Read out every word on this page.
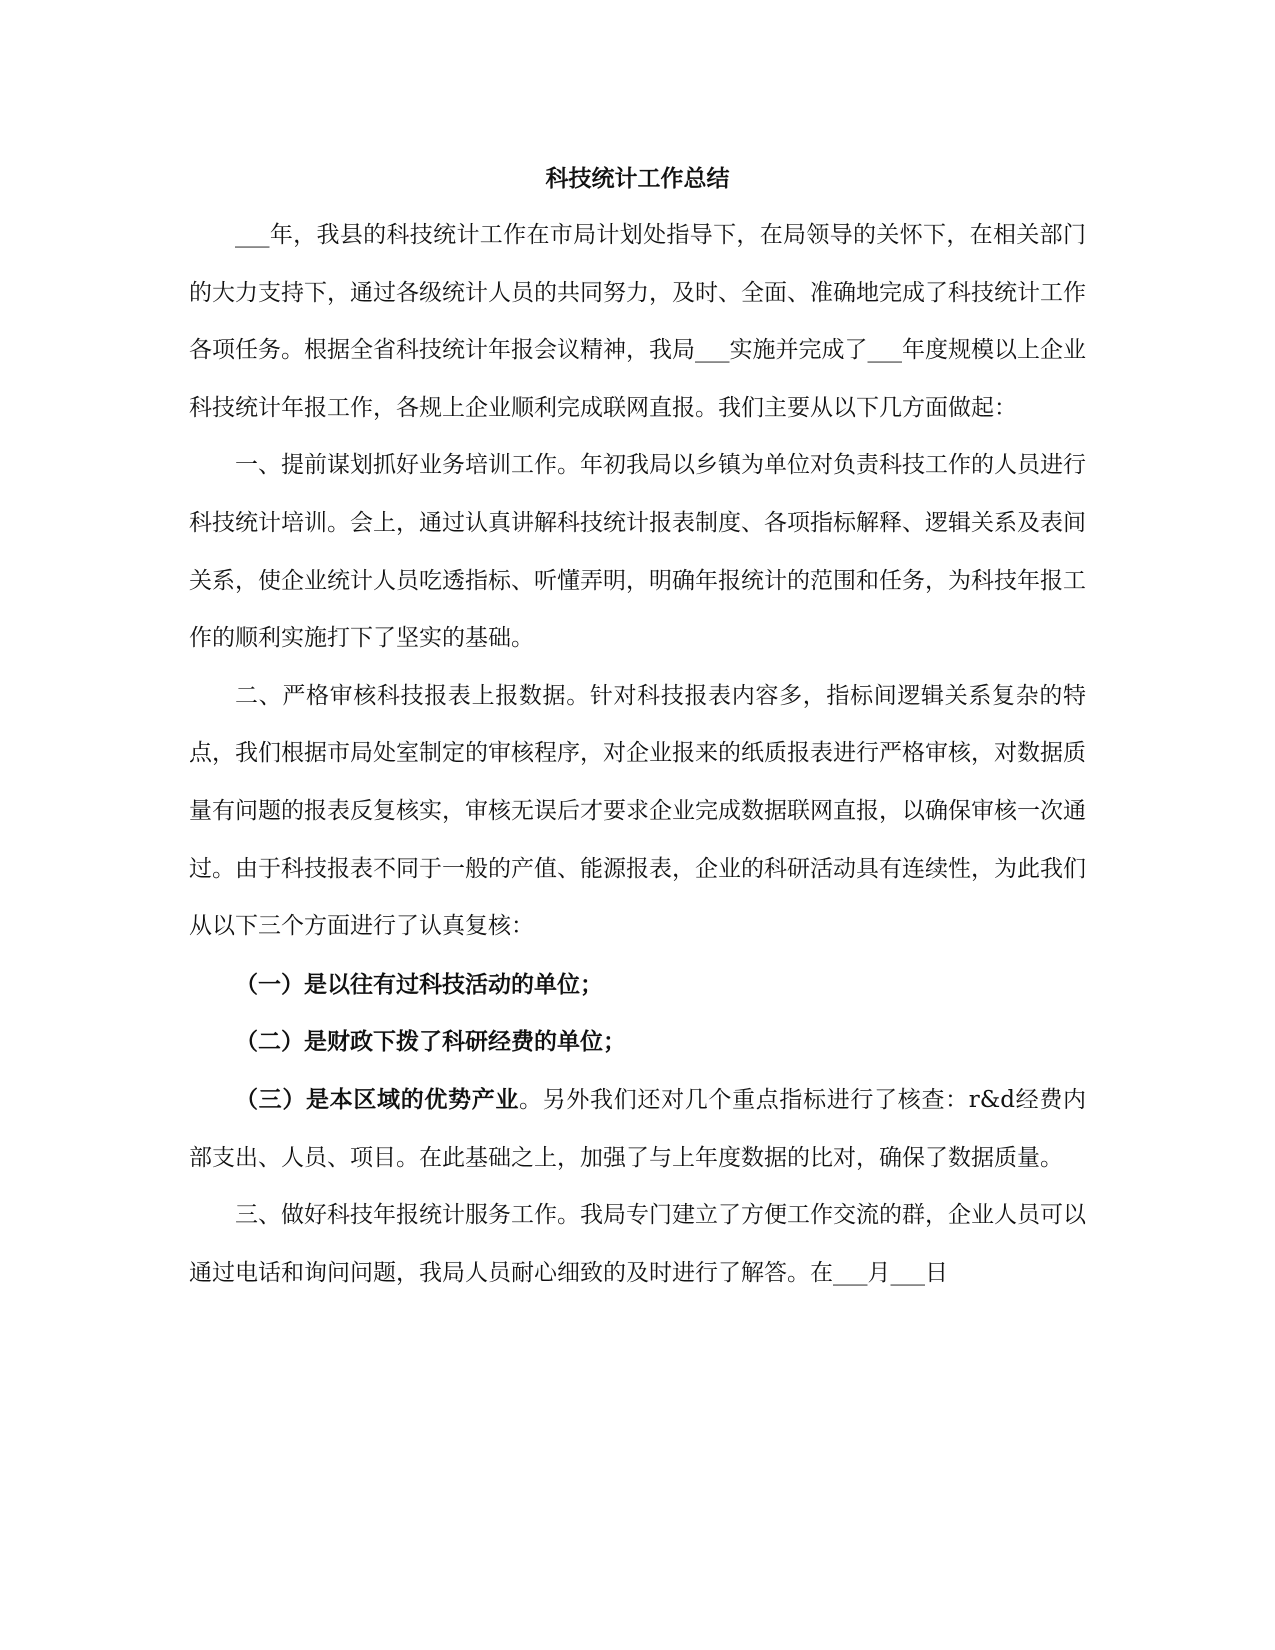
科技统计工作总结

___年，我县的科技统计工作在市局计划处指导下，在局领导的关怀下，在相关部门的大力支持下，通过各级统计人员的共同努力，及时、全面、准确地完成了科技统计工作各项任务。根据全省科技统计年报会议精神，我局___实施并完成了___年度规模以上企业科技统计年报工作，各规上企业顺利完成联网直报。我们主要从以下几方面做起：

一、提前谋划抓好业务培训工作。年初我局以乡镇为单位对负责科技工作的人员进行科技统计培训。会上，通过认真讲解科技统计报表制度、各项指标解释、逻辑关系及表间关系，使企业统计人员吃透指标、听懂弄明，明确年报统计的范围和任务，为科技年报工作的顺利实施打下了坚实的基础。

二、严格审核科技报表上报数据。针对科技报表内容多，指标间逻辑关系复杂的特点，我们根据市局处室制定的审核程序，对企业报来的纸质报表进行严格审核，对数据质量有问题的报表反复核实，审核无误后才要求企业完成数据联网直报，以确保审核一次通过。由于科技报表不同于一般的产值、能源报表，企业的科研活动具有连续性，为此我们从以下三个方面进行了认真复核：

（一）是以往有过科技活动的单位；

（二）是财政下拨了科研经费的单位；

（三）是本区域的优势产业。另外我们还对几个重点指标进行了核查：r&d经费内部支出、人员、项目。在此基础之上，加强了与上年度数据的比对，确保了数据质量。

三、做好科技年报统计服务工作。我局专门建立了方便工作交流的群，企业人员可以通过电话和询问问题，我局人员耐心细致的及时进行了解答。在___月___日
